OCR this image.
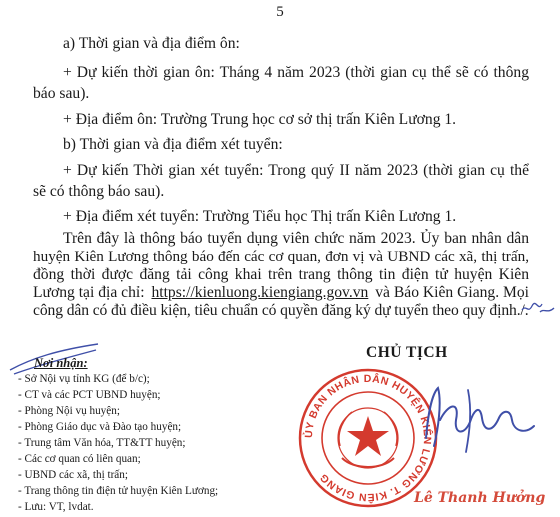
5
a) Thời gian và địa điểm ôn:
+ Dự kiến thời gian ôn: Tháng 4 năm 2023 (thời gian cụ thể sẽ có thông
báo sau).
+ Địa điểm ôn: Trường Trung học cơ sở thị trấn Kiên Lương 1.
b) Thời gian và địa điểm xét tuyển:
+ Dự kiến Thời gian xét tuyển: Trong quý II năm 2023 (thời gian cụ thể
sẽ có thông báo sau).
+ Địa điểm xét tuyển: Trường Tiểu học Thị trấn Kiên Lương 1.
Trên đây là thông báo tuyển dụng viên chức năm 2023. Ủy ban nhân dân
huyện Kiên Lương thông báo đến các cơ quan, đơn vị và UBND các xã, thị trấn,
đồng thời được đăng tải công khai trên trang thông tin điện tử huyện Kiên
Lương tại địa chỉ: https://kienluong.kiengiang.gov.vn và Báo Kiên Giang. Mọi
công dân có đủ điều kiện, tiêu chuẩn có quyền đăng ký dự tuyển theo quy định./.
Nơi nhận:
- Sở Nội vụ tỉnh KG (để b/c);
- CT và các PCT UBND huyện;
- Phòng Nội vụ huyện;
- Phòng Giáo dục và Đào tạo huyện;
- Trung tâm Văn hóa, TT&TT huyện;
- Các cơ quan có liên quan;
- UBND các xã, thị trấn;
- Trang thông tin điện tử huyện Kiên Lương;
- Lưu: VT, lvdat.
CHỦ TỊCH
ỦY BAN NHÂN DÂN HUYỆN KIÊN LƯƠNG T. KIÊN GIANG
Lê Thanh Hưởng
